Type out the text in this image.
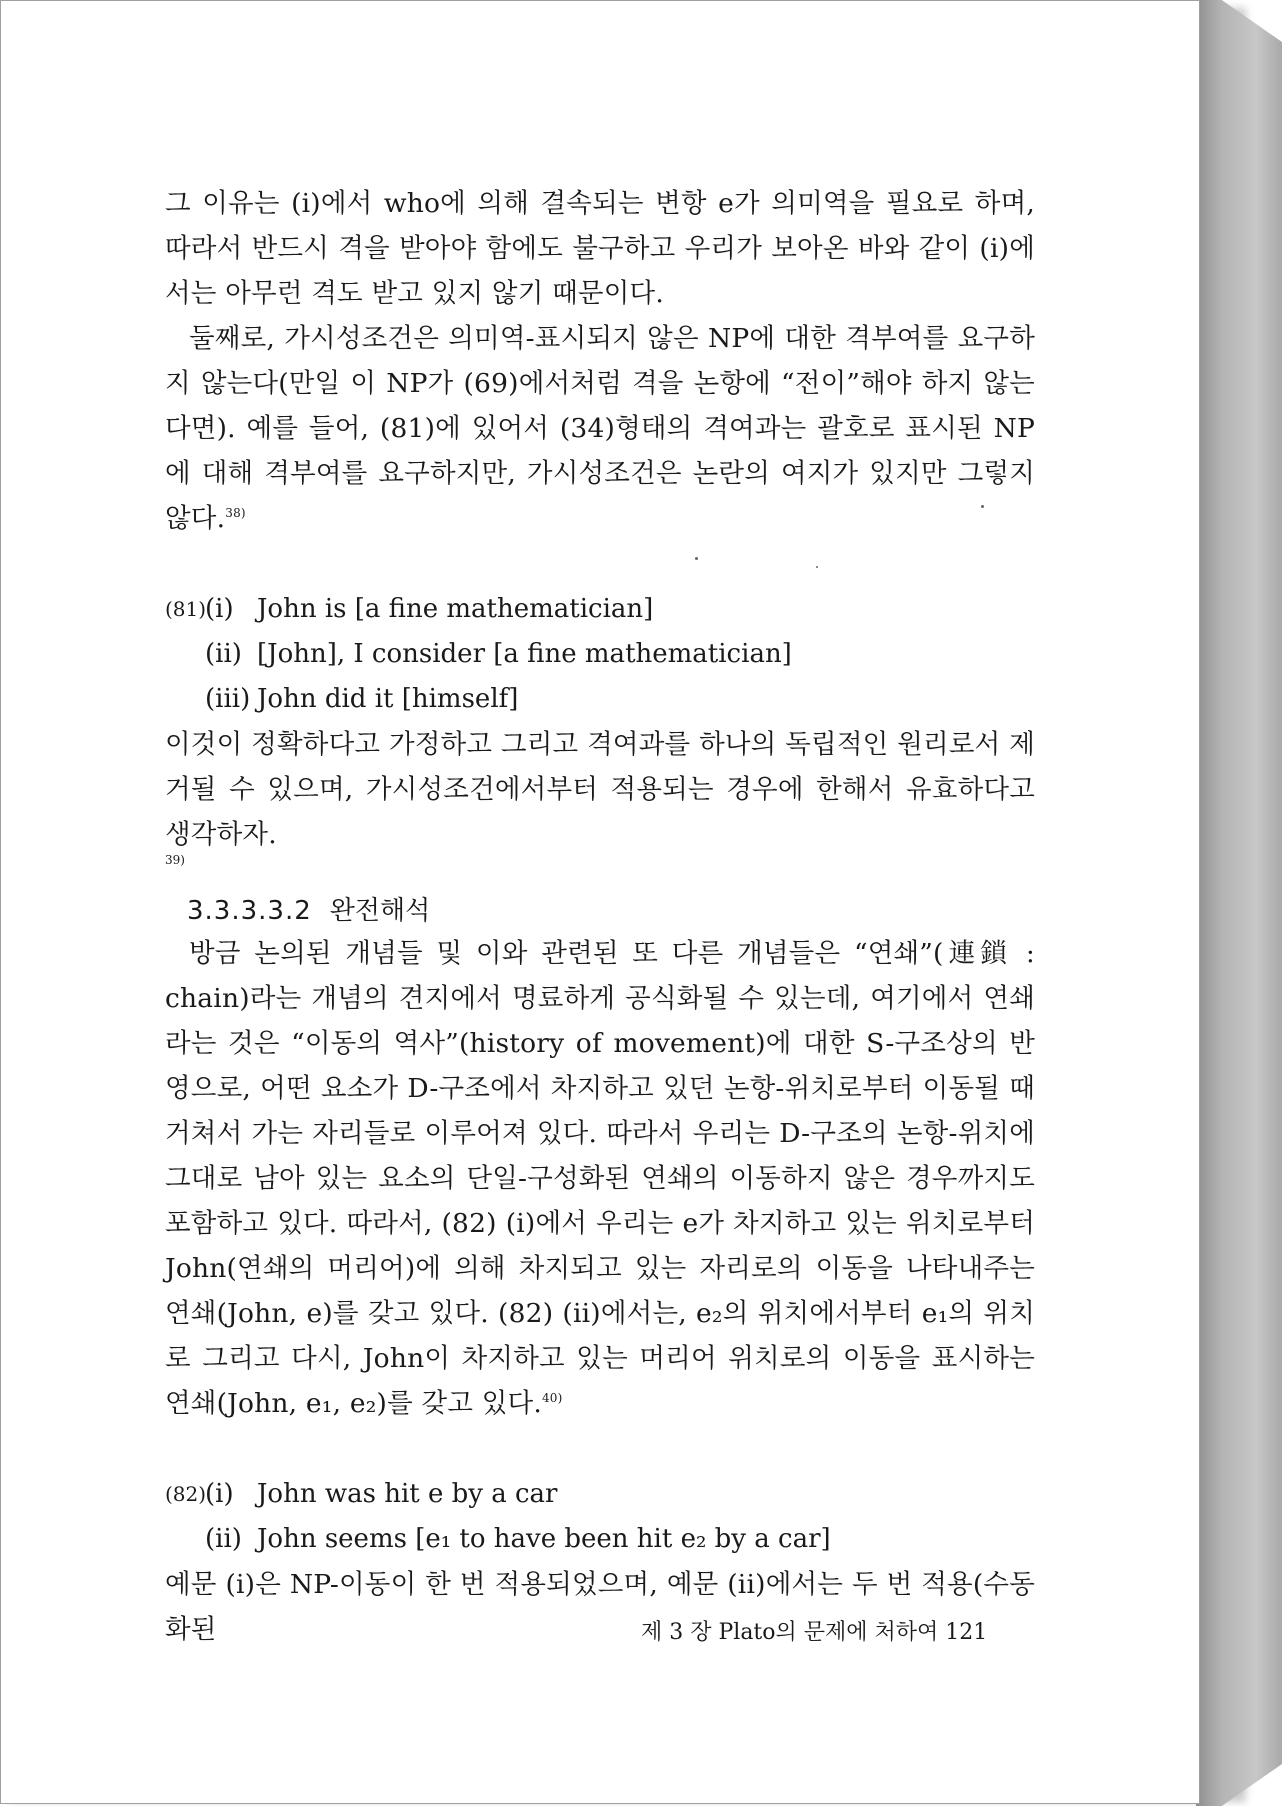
그 이유는 (i)에서 who에 의해 결속되는 변항 e가 의미역을 필요로 하며, 따라서 반드시 격을 받아야 함에도 불구하고 우리가 보아온 바와 같이 (i)에서는 아무런 격도 받고 있지 않기 때문이다.

둘째로, 가시성조건은 의미역-표시되지 않은 NP에 대한 격부여를 요구하지 않는다(만일 이 NP가 (69)에서처럼 격을 논항에 “전이”해야 하지 않는다면). 예를 들어, (81)에 있어서 (34)형태의 격여과는 괄호로 표시된 NP에 대해 격부여를 요구하지만, 가시성조건은 논란의 여지가 있지만 그렇지 않다.$^{38)}$

(81)
(i) John is [a fine mathematician]
(ii) [John], I consider [a fine mathematician]
(iii) John did it [himself]

이것이 정확하다고 가정하고 그리고 격여과를 하나의 독립적인 원리로서 제거될 수 있으며, 가시성조건에서부터 적용되는 경우에 한해서 유효하다고 생각하자.

39)
3.3.3.3.2 완전해석

방금 논의된 개념들 및 이와 관련된 또 다른 개념들은 “연쇄”(連鎖 : chain)라는 개념의 견지에서 명료하게 공식화될 수 있는데, 여기에서 연쇄라는 것은 “이동의 역사”(history of movement)에 대한 S-구조상의 반영으로, 어떤 요소가 D-구조에서 차지하고 있던 논항-위치로부터 이동될 때 거쳐서 가는 자리들로 이루어져 있다. 따라서 우리는 D-구조의 논항-위치에 그대로 남아 있는 요소의 단일-구성화된 연쇄의 이동하지 않은 경우까지도 포함하고 있다. 따라서, (82) (i)에서 우리는 e가 차지하고 있는 위치로부터 John(연쇄의 머리어)에 의해 차지되고 있는 자리로의 이동을 나타내주는 연쇄(John, e)를 갖고 있다. (82) (ii)에서는, e₂의 위치에서부터 e₁의 위치로 그리고 다시, John이 차지하고 있는 머리어 위치로의 이동을 표시하는 연쇄(John, e₁, e₂)를 갖고 있다.$^{40)}$

(82)
(i) John was hit e by a car
(ii) John seems [e₁ to have been hit e₂ by a car]

예문 (i)은 NP-이동이 한 번 적용되었으며, 예문 (ii)에서는 두 번 적용(수동화된	제 3 장 Plato의 문제에 처하여 121
